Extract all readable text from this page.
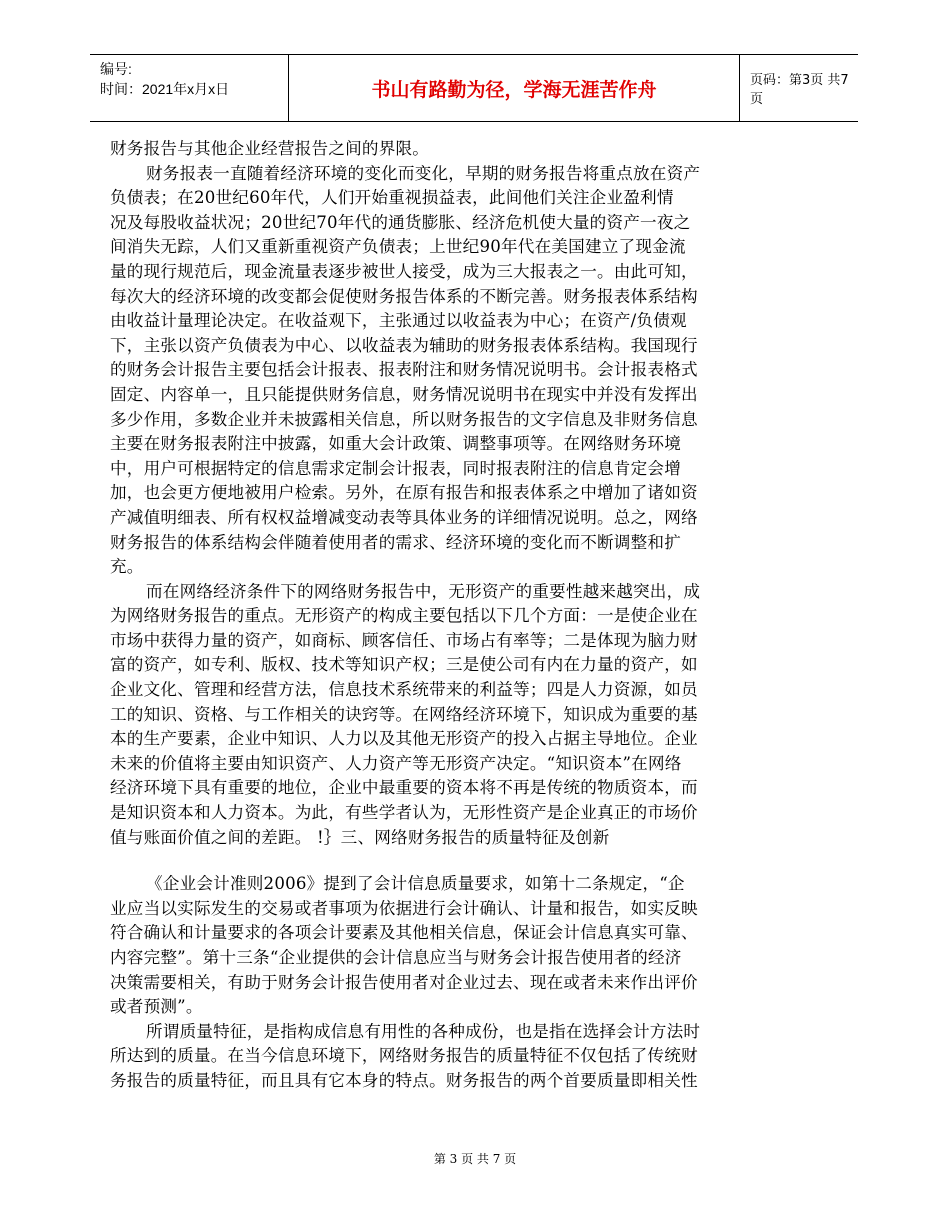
编号:
时间：2021年x月x日	书山有路勤为径，学海无涯苦作舟	页码：第3页 共7页
财务报告与其他企业经营报告之间的界限。
财务报表一直随着经济环境的变化而变化，早期的财务报告将重点放在资产
负债表；在20世纪60年代，人们开始重视损益表，此间他们关注企业盈利情
况及每股收益状况；20世纪70年代的通货膨胀、经济危机使大量的资产一夜之
间消失无踪，人们又重新重视资产负债表；上世纪90年代在美国建立了现金流
量的现行规范后，现金流量表逐步被世人接受，成为三大报表之一。由此可知，
每次大的经济环境的改变都会促使财务报告体系的不断完善。财务报表体系结构
由收益计量理论决定。在收益观下，主张通过以收益表为中心；在资产/负债观
下，主张以资产负债表为中心、以收益表为辅助的财务报表体系结构。我国现行
的财务会计报告主要包括会计报表、报表附注和财务情况说明书。会计报表格式
固定、内容单一，且只能提供财务信息，财务情况说明书在现实中并没有发挥出
多少作用，多数企业并未披露相关信息，所以财务报告的文字信息及非财务信息
主要在财务报表附注中披露，如重大会计政策、调整事项等。在网络财务环境
中，用户可根据特定的信息需求定制会计报表，同时报表附注的信息肯定会增
加，也会更方便地被用户检索。另外，在原有报告和报表体系之中增加了诸如资
产减值明细表、所有权权益增减变动表等具体业务的详细情况说明。总之，网络
财务报告的体系结构会伴随着使用者的需求、经济环境的变化而不断调整和扩
充。
而在网络经济条件下的网络财务报告中，无形资产的重要性越来越突出，成
为网络财务报告的重点。无形资产的构成主要包括以下几个方面：一是使企业在
市场中获得力量的资产，如商标、顾客信任、市场占有率等；二是体现为脑力财
富的资产，如专利、版权、技术等知识产权；三是使公司有内在力量的资产，如
企业文化、管理和经营方法，信息技术系统带来的利益等；四是人力资源，如员
工的知识、资格、与工作相关的诀窍等。在网络经济环境下，知识成为重要的基
本的生产要素，企业中知识、人力以及其他无形资产的投入占据主导地位。企业
未来的价值将主要由知识资产、人力资产等无形资产决定。“知识资本”在网络
经济环境下具有重要的地位，企业中最重要的资本将不再是传统的物质资本，而
是知识资本和人力资本。为此，有些学者认为，无形性资产是企业真正的市场价
值与账面价值之间的差距。 !｝三、网络财务报告的质量特征及创新
《企业会计准则2006》提到了会计信息质量要求，如第十二条规定，“企
业应当以实际发生的交易或者事项为依据进行会计确认、计量和报告，如实反映
符合确认和计量要求的各项会计要素及其他相关信息，保证会计信息真实可靠、
内容完整”。第十三条“企业提供的会计信息应当与财务会计报告使用者的经济
决策需要相关，有助于财务会计报告使用者对企业过去、现在或者未来作出评价
或者预测”。
所谓质量特征，是指构成信息有用性的各种成份，也是指在选择会计方法时
所达到的质量。在当今信息环境下，网络财务报告的质量特征不仅包括了传统财
务报告的质量特征，而且具有它本身的特点。财务报告的两个首要质量即相关性
第 3 页 共 7 页
